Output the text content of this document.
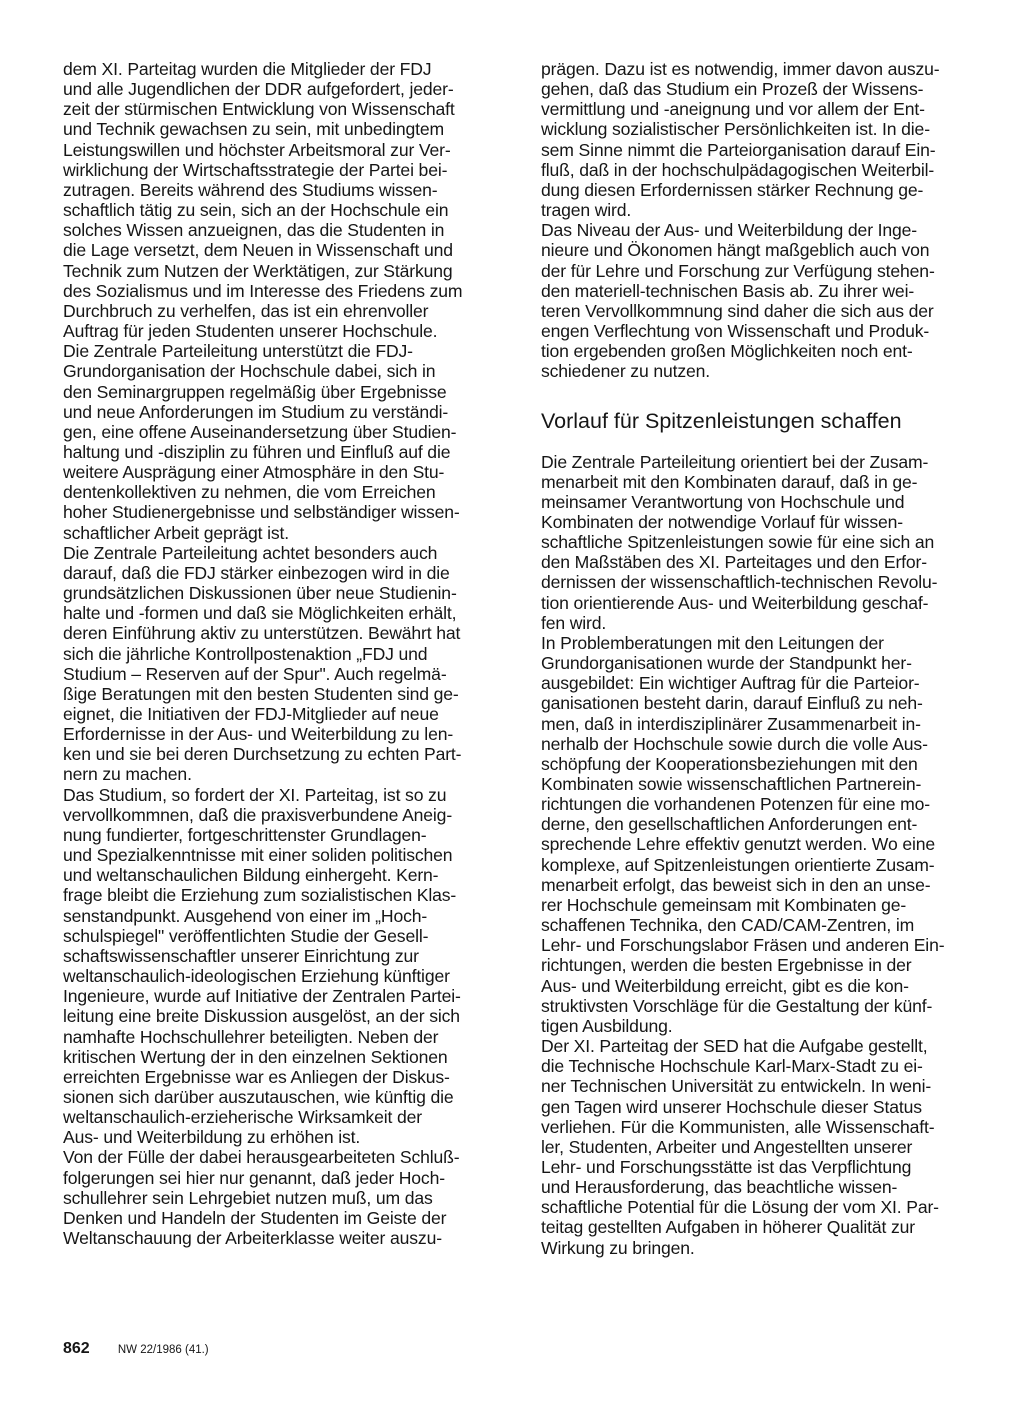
dem XI. Parteitag wurden die Mitglieder der FDJ
und alle Jugendlichen der DDR aufgefordert, jeder-
zeit der stürmischen Entwicklung von Wissenschaft
und Technik gewachsen zu sein, mit unbedingtem
Leistungswillen und höchster Arbeitsmoral zur Ver-
wirklichung der Wirtschaftsstrategie der Partei bei-
zutragen. Bereits während des Studiums wissen-
schaftlich tätig zu sein, sich an der Hochschule ein
solches Wissen anzueignen, das die Studenten in
die Lage versetzt, dem Neuen in Wissenschaft und
Technik zum Nutzen der Werktätigen, zur Stärkung
des Sozialismus und im Interesse des Friedens zum
Durchbruch zu verhelfen, das ist ein ehrenvoller
Auftrag für jeden Studenten unserer Hochschule.
Die Zentrale Parteileitung unterstützt die FDJ-
Grundorganisation der Hochschule dabei, sich in
den Seminargruppen regelmäßig über Ergebnisse
und neue Anforderungen im Studium zu verständi-
gen, eine offene Auseinandersetzung über Studien-
haltung und -disziplin zu führen und Einfluß auf die
weitere Ausprägung einer Atmosphäre in den Stu-
dentenkollektiven zu nehmen, die vom Erreichen
hoher Studienergebnisse und selbständiger wissen-
schaftlicher Arbeit geprägt ist.
Die Zentrale Parteileitung achtet besonders auch
darauf, daß die FDJ stärker einbezogen wird in die
grundsätzlichen Diskussionen über neue Studienin-
halte und -formen und daß sie Möglichkeiten erhält,
deren Einführung aktiv zu unterstützen. Bewährt hat
sich die jährliche Kontrollpostenaktion „FDJ und
Studium – Reserven auf der Spur". Auch regelmä-
ßige Beratungen mit den besten Studenten sind ge-
eignet, die Initiativen der FDJ-Mitglieder auf neue
Erfordernisse in der Aus- und Weiterbildung zu len-
ken und sie bei deren Durchsetzung zu echten Part-
nern zu machen.
Das Studium, so fordert der XI. Parteitag, ist so zu
vervollkommnen, daß die praxisverbundene Aneig-
nung fundierter, fortgeschrittenster Grundlagen-
und Spezialkenntnisse mit einer soliden politischen
und weltanschaulichen Bildung einhergeht. Kern-
frage bleibt die Erziehung zum sozialistischen Klas-
senstandpunkt. Ausgehend von einer im „Hoch-
schulspiegel" veröffentlichten Studie der Gesell-
schaftswissenschaftler unserer Einrichtung zur
weltanschaulich-ideologischen Erziehung künftiger
Ingenieure, wurde auf Initiative der Zentralen Partei-
leitung eine breite Diskussion ausgelöst, an der sich
namhafte Hochschullehrer beteiligten. Neben der
kritischen Wertung der in den einzelnen Sektionen
erreichten Ergebnisse war es Anliegen der Diskus-
sionen sich darüber auszutauschen, wie künftig die
weltanschaulich-erzieherische Wirksamkeit der
Aus- und Weiterbildung zu erhöhen ist.
Von der Fülle der dabei herausgearbeiteten Schluß-
folgerungen sei hier nur genannt, daß jeder Hoch-
schullehrer sein Lehrgebiet nutzen muß, um das
Denken und Handeln der Studenten im Geiste der
Weltanschauung der Arbeiterklasse weiter auszu-
prägen. Dazu ist es notwendig, immer davon auszu-
gehen, daß das Studium ein Prozeß der Wissens-
vermittlung und -aneignung und vor allem der Ent-
wicklung sozialistischer Persönlichkeiten ist. In die-
sem Sinne nimmt die Parteiorganisation darauf Ein-
fluß, daß in der hochschulpädagogischen Weiterbil-
dung diesen Erfordernissen stärker Rechnung ge-
tragen wird.
Das Niveau der Aus- und Weiterbildung der Inge-
nieure und Ökonomen hängt maßgeblich auch von
der für Lehre und Forschung zur Verfügung stehen-
den materiell-technischen Basis ab. Zu ihrer wei-
teren Vervollkommnung sind daher die sich aus der
engen Verflechtung von Wissenschaft und Produk-
tion ergebenden großen Möglichkeiten noch ent-
schiedener zu nutzen.
Vorlauf für Spitzenleistungen schaffen
Die Zentrale Parteileitung orientiert bei der Zusam-
menarbeit mit den Kombinaten darauf, daß in ge-
meinsamer Verantwortung von Hochschule und
Kombinaten der notwendige Vorlauf für wissen-
schaftliche Spitzenleistungen sowie für eine sich an
den Maßstäben des XI. Parteitages und den Erfor-
dernissen der wissenschaftlich-technischen Revolu-
tion orientierende Aus- und Weiterbildung geschaf-
fen wird.
In Problemberatungen mit den Leitungen der
Grundorganisationen wurde der Standpunkt her-
ausgebildet: Ein wichtiger Auftrag für die Parteior-
ganisationen besteht darin, darauf Einfluß zu neh-
men, daß in interdisziplinärer Zusammenarbeit in-
nerhalb der Hochschule sowie durch die volle Aus-
schöpfung der Kooperationsbeziehungen mit den
Kombinaten sowie wissenschaftlichen Partnerein-
richtungen die vorhandenen Potenzen für eine mo-
derne, den gesellschaftlichen Anforderungen ent-
sprechende Lehre effektiv genutzt werden. Wo eine
komplexe, auf Spitzenleistungen orientierte Zusam-
menarbeit erfolgt, das beweist sich in den an unse-
rer Hochschule gemeinsam mit Kombinaten ge-
schaffenen Technika, den CAD/CAM-Zentren, im
Lehr- und Forschungslabor Fräsen und anderen Ein-
richtungen, werden die besten Ergebnisse in der
Aus- und Weiterbildung erreicht, gibt es die kon-
struktivsten Vorschläge für die Gestaltung der künf-
tigen Ausbildung.
Der XI. Parteitag der SED hat die Aufgabe gestellt,
die Technische Hochschule Karl-Marx-Stadt zu ei-
ner Technischen Universität zu entwickeln. In weni-
gen Tagen wird unserer Hochschule dieser Status
verliehen. Für die Kommunisten, alle Wissenschaft-
ler, Studenten, Arbeiter und Angestellten unserer
Lehr- und Forschungsstätte ist das Verpflichtung
und Herausforderung, das beachtliche wissen-
schaftliche Potential für die Lösung der vom XI. Par-
teitag gestellten Aufgaben in höherer Qualität zur
Wirkung zu bringen.
862 NW 22/1986 (41.)
